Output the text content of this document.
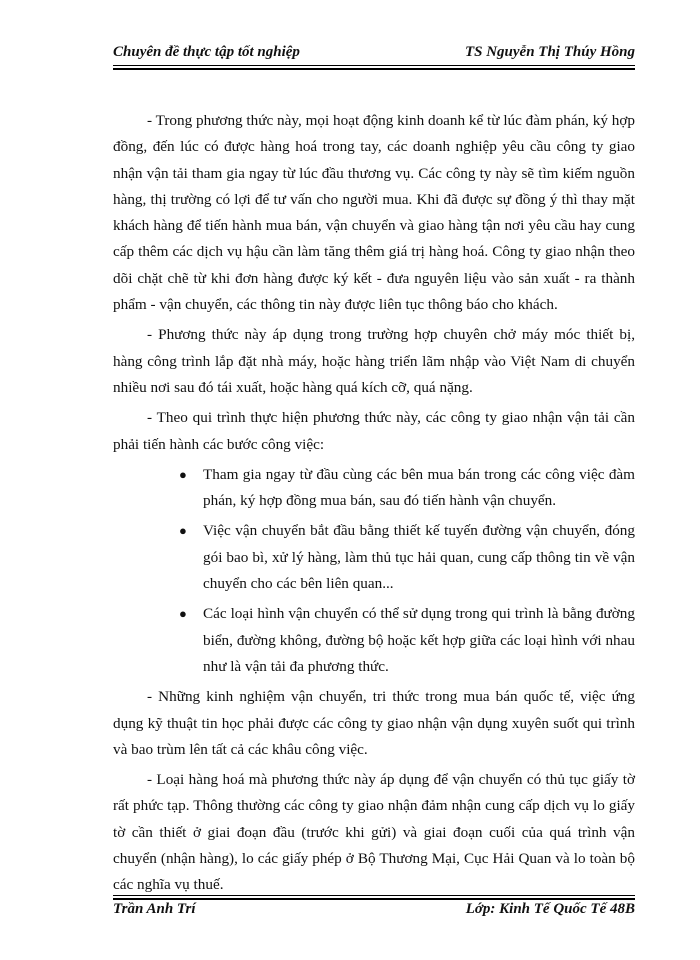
Chuyên đề thực tập tốt nghiệp	TS Nguyễn Thị Thúy Hồng

- Trong phương thức này, mọi hoạt động kinh doanh kể từ lúc đàm phán, ký hợp đồng, đến lúc có được hàng hoá trong tay, các doanh nghiệp yêu cầu công ty giao nhận vận tải tham gia ngay từ lúc đầu thương vụ. Các công ty này sẽ tìm kiếm nguồn hàng, thị trường có lợi để tư vấn cho người mua. Khi đã được sự đồng ý thì thay mặt khách hàng để tiến hành mua bán, vận chuyển và giao hàng tận nơi yêu cầu hay cung cấp thêm các dịch vụ hậu cần làm tăng thêm giá trị hàng hoá. Công ty giao nhận theo dõi chặt chẽ từ khi đơn hàng được ký kết - đưa nguyên liệu vào sản xuất - ra thành phẩm - vận chuyển, các thông tin này được liên tục thông báo cho khách.

- Phương thức này áp dụng trong trường hợp chuyên chở máy móc thiết bị, hàng công trình lắp đặt nhà máy, hoặc hàng triển lãm nhập vào Việt Nam di chuyển nhiều nơi sau đó tái xuất, hoặc hàng quá kích cỡ, quá nặng.

- Theo qui trình thực hiện phương thức này, các công ty giao nhận vận tải cần phải tiến hành các bước công việc:

● Tham gia ngay từ đầu cùng các bên mua bán trong các công việc đàm phán, ký hợp đồng mua bán, sau đó tiến hành vận chuyển.
● Việc vận chuyển bắt đầu bằng thiết kế tuyến đường vận chuyển, đóng gói bao bì, xử lý hàng, làm thủ tục hải quan, cung cấp thông tin về vận chuyển cho các bên liên quan...
● Các loại hình vận chuyển có thể sử dụng trong qui trình là bằng đường biển, đường không, đường bộ hoặc kết hợp giữa các loại hình với nhau như là vận tải đa phương thức.

- Những kinh nghiệm vận chuyển, tri thức trong mua bán quốc tế, việc ứng dụng kỹ thuật tin học phải được các công ty giao nhận vận dụng xuyên suốt qui trình và bao trùm lên tất cả các khâu công việc.

- Loại hàng hoá mà phương thức này áp dụng để vận chuyển có thủ tục giấy tờ rất phức tạp. Thông thường các công ty giao nhận đảm nhận cung cấp dịch vụ lo giấy tờ cần thiết ở giai đoạn đầu (trước khi gửi) và giai đoạn cuối của quá trình vận chuyển (nhận hàng), lo các giấy phép ở Bộ Thương Mại, Cục Hải Quan và lo toàn bộ các nghĩa vụ thuế.

Trần Anh Trí	Lớp: Kinh Tế Quốc Tế 48B
